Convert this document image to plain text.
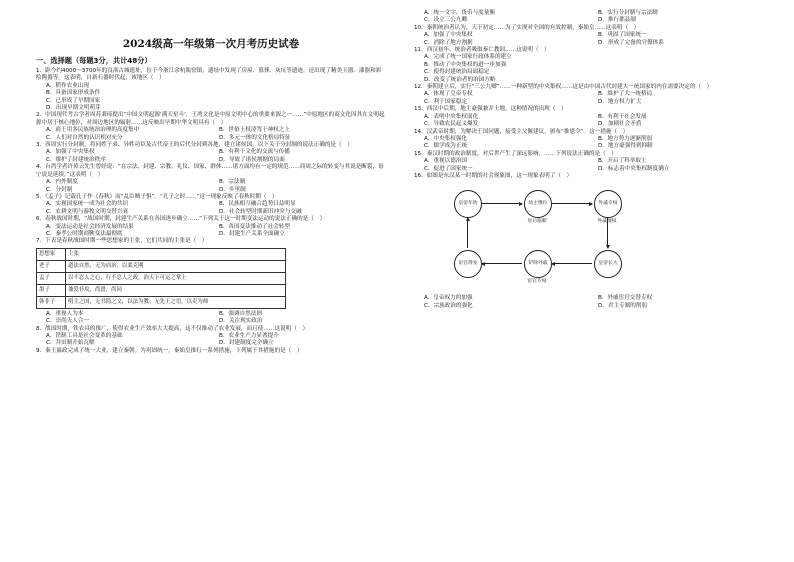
2024级高一年级第一次月考历史试卷
一、选择题（每题3分，共计48分）

1．距今约4000～3700年的良渚古城遗址，位于今浙江余杭瓶窑镇。遗址中发现了房屋、墓葬、灰坑等遗迹，还出现了精美玉器、漆器和彩绘陶器等。这表明，自新石器时代起，该地区（　）

A．稻作农业出现
B．具备国家形成条件
C．已形成了早期国家
D．出现早期文明萌芽

2．中国现代考古学者周苏秉琦提出“中国文明起源‘满天星斗’，王湾文化是中原文明中心的重要来源之一……”中原地区的商文化因其在文明起源中居于核心地位，对周边地区的辐射……这反映出早期中华文明具有（　）

A．商王用多民族统治治理的高度集中	B．世俗王权凌驾于神权之上
C．人们对自然的认识相对充分	D．多元一体的文化格局特征

3．西周实行分封制，将同姓子弟、异姓功臣及古代帝王的后代分封到各地，建立诸侯国。以下关于分封制的说法正确的是（　）

A．加强了中央集权	B．有利于文化的交流与传播
C．维护了封建统治秩序	D．导致了诸侯割据的局面

4．台湾学者许倬云先生曾经说：“在宗法、封建、宗教、礼仪、国家、群体……诸方面均有一定的规范……商周之际的转变与其说是断裂，毋宁说是延续。”这表明（　）

A．内外制度	B．宗法制
C．分封制	D．乡里制

5．《孟子》记载孔子作《春秋》而“乱臣贼子惧”。“孔子之时……”这一现象反映了春秋时期（　）

A．实现国家统一成为社会的共识	B．民族相互融合趋势日益明显
C．农耕文明与游牧文明交替兴衰	D．社会转型时期新旧冲突与交融

6．春秋战国时期，“战国时期，封建生产关系在各国逐步确立……”下列关于这一时期变法运动的说法正确的是（　）

A．变法运动是社会经济发展的结果	B．各国变法推动了社会转型
C．秦孝公时期商鞅变法最彻底	D．封建生产关系全面确立

7．下表是春秋战国时期一些思想家的主张，它们共同的主张是（　）

思想家	主张
老子	道法自然，无为而治，以柔克刚
孟子	以不忍人之心，行不忍人之政，治天下可运之掌上
墨子	兼爱非攻，尚贤，尚同
韩非子	明主之国，无书简之文，以法为教；无先王之语，以吏为师
A．重视人为本	B．强调自然法则
C．崇尚天人合一	D．关注现实政治

8．战国时期，铁农具的推广，使得农业生产效率大大提高，这不仅推动了农业发展，而且使……这说明（　）

A．铁制工具是社会变革的基础	B．农业生产力显著提升
C．井田制开始瓦解	D．封建制度完全确立

9．秦王嬴政完成了统一大业，建立秦朝。为巩固统一，秦始皇推行一系列措施，下列属于其措施的是（　）

A．统一文字、货币与度量衡	B．实行分封制与宗法制
C．设立三公九卿	D．推行郡县制

10．秦朝统治者认为，天下初定……为了实现对全国的有效控制，秦始皇……这表明（　）

A．加强了中央集权	B．巩固了国家统一
C．消除了地方割据	D．形成了完备的官僚体系

11．西汉初年，统治者吸取秦亡教训……这说明（　）

A．完成了统一国家行政体系的建立
B．推动了中央集权的进一步加强
C．使得封建统治局面稳定
D．改变了统治者的治国方略

12．秦朝建立后，实行“三公九卿”……一种新型的中央集权……这是由中国古代封建大一统国家的内在需要决定的（　）

A．体现了皇帝专权	B．维护了大一统格局
C．利于国家稳定	D．地方权力扩大

13．西汉中后期，地主豪强兼并土地，这种情况的出现（　）

A．表明中央集权弱化	B．有利于社会发展
C．导致农民起义爆发	D．加剧社会矛盾

14．汉武帝时期，为解决王国问题，接受主父偃建议，颁布“推恩令”。这一措施（　）

A．中央集权强化	B．地方势力逐渐削弱
C．儒学成为正统	D．地方豪强得到抑制

15．秦汉时期的政治制度，对后世产生了深远影响，……下列说法正确的是（　）

A．重视以德治国	B．开启了科举取士
C．促进了国家统一	D．标志着中央集权制度确立

16．如图是东汉某一时期的社会现象图，这一现象表明了（　）

皇帝年幼	幼主继位	外戚专权
母后临朝	外戚擅权
宦官得宠	铲除外戚	皇帝长大
宦官专权
A．皇帝权力的加强	B．外戚宦官交替专权
C．宗族政治的强化	D．君主专制的削弱
